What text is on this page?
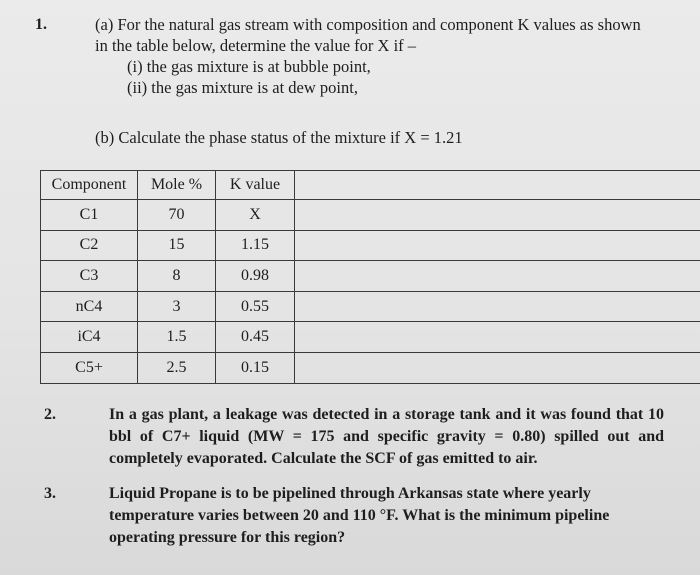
1.	(a) For the natural gas stream with composition and component K values as shown
in the table below, determine the value for X if –
(i) the gas mixture is at bubble point,
(ii) the gas mixture is at dew point,
(b) Calculate the phase status of the mixture if X = 1.21
Component	Mole %	K value	
C1	70	X	
C2	15	1.15	
C3	8	0.98	
nC4	3	0.55	
iC4	1.5	0.45	
C5+	2.5	0.15	
2.	In a gas plant, a leakage was detected in a storage tank and it was found that 10 bbl of C7+ liquid (MW = 175 and specific gravity = 0.80) spilled out and completely evaporated. Calculate the SCF of gas emitted to air.
3.	Liquid Propane is to be pipelined through Arkansas state where yearly temperature varies between 20 and 110 °F. What is the minimum pipeline operating pressure for this region?
